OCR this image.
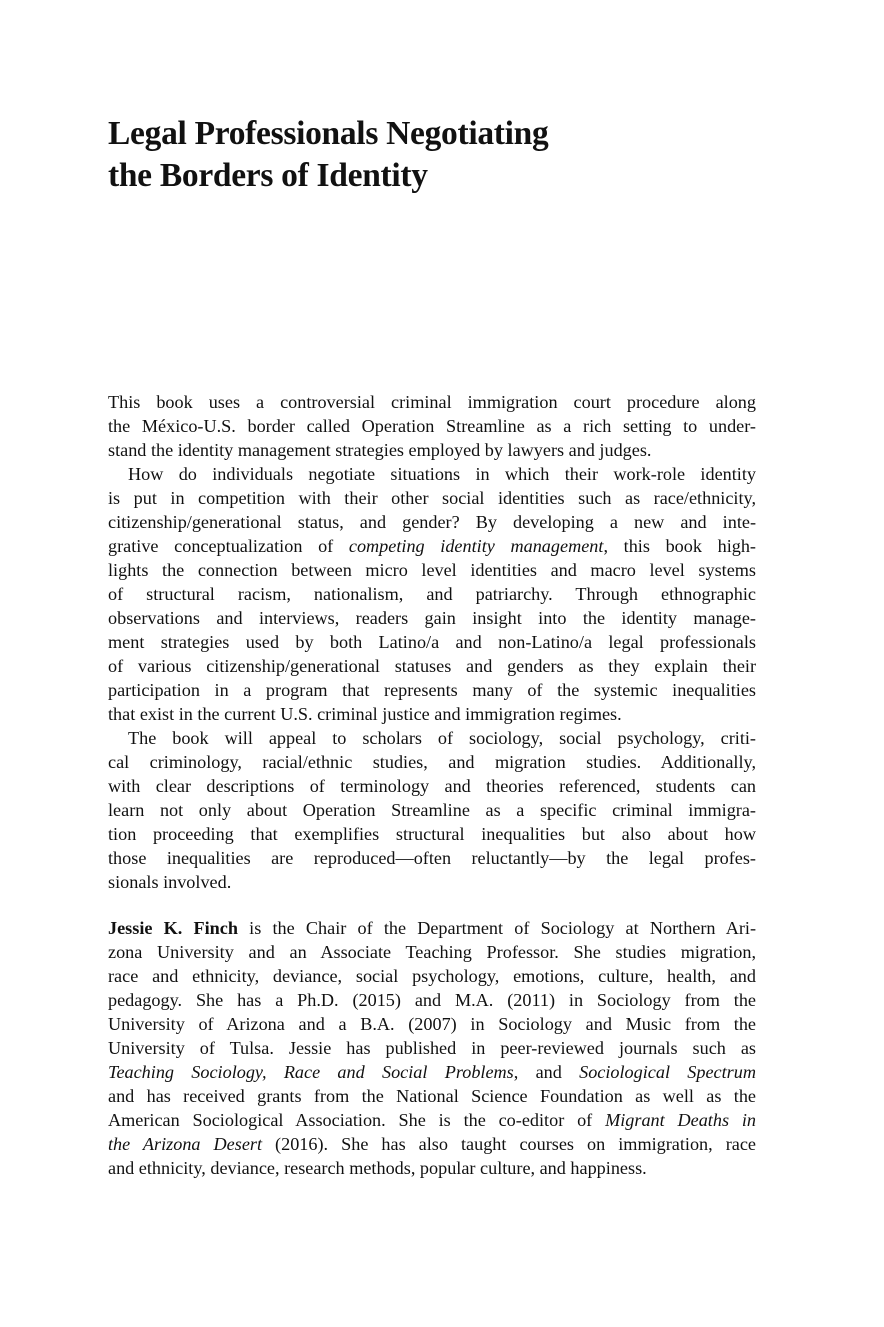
Legal Professionals Negotiating
the Borders of Identity
This book uses a controversial criminal immigration court procedure along
the México-U.S. border called Operation Streamline as a rich setting to under-
stand the identity management strategies employed by lawyers and judges.
How do individuals negotiate situations in which their work-role identity
is put in competition with their other social identities such as race/ethnicity,
citizenship/generational status, and gender? By developing a new and inte-
grative conceptualization of competing identity management, this book high-
lights the connection between micro level identities and macro level systems
of structural racism, nationalism, and patriarchy. Through ethnographic
observations and interviews, readers gain insight into the identity manage-
ment strategies used by both Latino/a and non-Latino/a legal professionals
of various citizenship/generational statuses and genders as they explain their
participation in a program that represents many of the systemic inequalities
that exist in the current U.S. criminal justice and immigration regimes.
The book will appeal to scholars of sociology, social psychology, criti-
cal criminology, racial/ethnic studies, and migration studies. Additionally,
with clear descriptions of terminology and theories referenced, students can
learn not only about Operation Streamline as a specific criminal immigra-
tion proceeding that exemplifies structural inequalities but also about how
those inequalities are reproduced—often reluctantly—by the legal profes-
sionals involved.
Jessie K. Finch is the Chair of the Department of Sociology at Northern Ari-
zona University and an Associate Teaching Professor. She studies migration,
race and ethnicity, deviance, social psychology, emotions, culture, health, and
pedagogy. She has a Ph.D. (2015) and M.A. (2011) in Sociology from the
University of Arizona and a B.A. (2007) in Sociology and Music from the
University of Tulsa. Jessie has published in peer-reviewed journals such as
Teaching Sociology, Race and Social Problems, and Sociological Spectrum
and has received grants from the National Science Foundation as well as the
American Sociological Association. She is the co-editor of Migrant Deaths in
the Arizona Desert (2016). She has also taught courses on immigration, race
and ethnicity, deviance, research methods, popular culture, and happiness.
